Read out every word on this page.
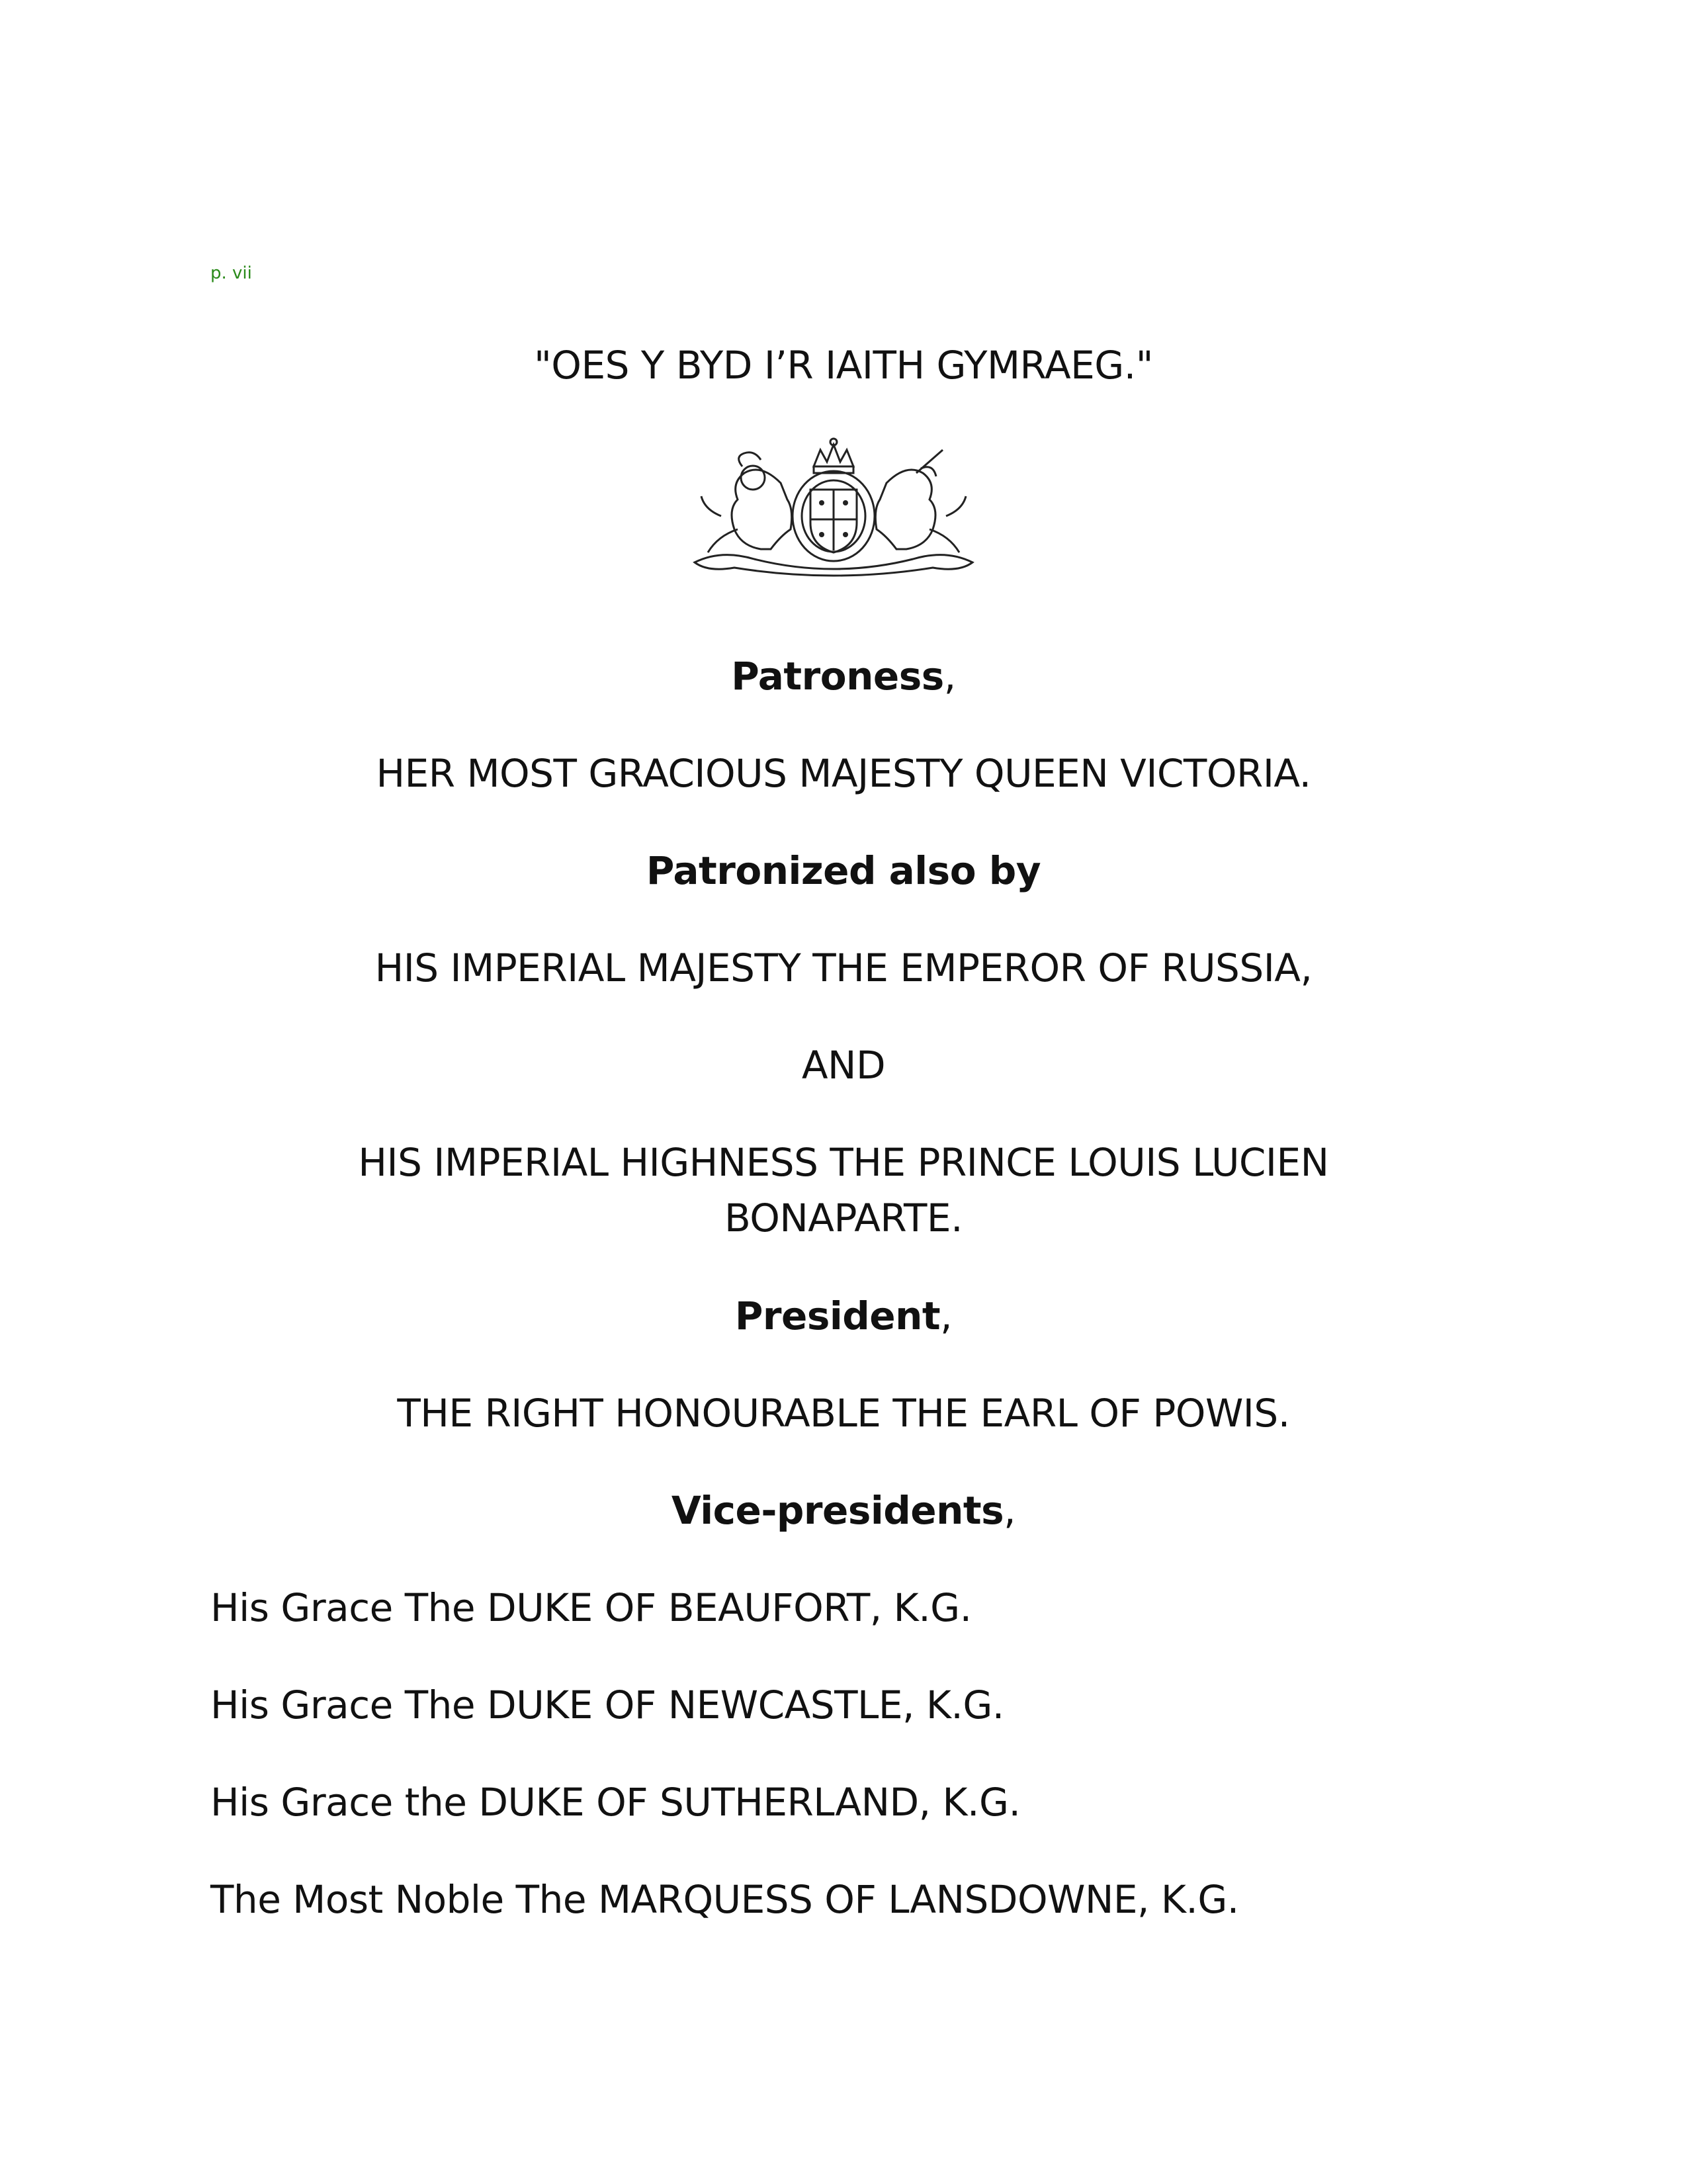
p. vii
"OES Y BYD I’R IAITH GYMRAEG."
Patroness,
HER MOST GRACIOUS MAJESTY QUEEN VICTORIA.
Patronized also by
HIS IMPERIAL MAJESTY THE EMPEROR OF RUSSIA,
AND
HIS IMPERIAL HIGHNESS THE PRINCE LOUIS LUCIEN BONAPARTE.
President,
THE RIGHT HONOURABLE THE EARL OF POWIS.
Vice-presidents,
His Grace The DUKE OF BEAUFORT, K.G.
His Grace The DUKE OF NEWCASTLE, K.G.
His Grace the DUKE OF SUTHERLAND, K.G.
The Most Noble The MARQUESS OF LANSDOWNE, K.G.
